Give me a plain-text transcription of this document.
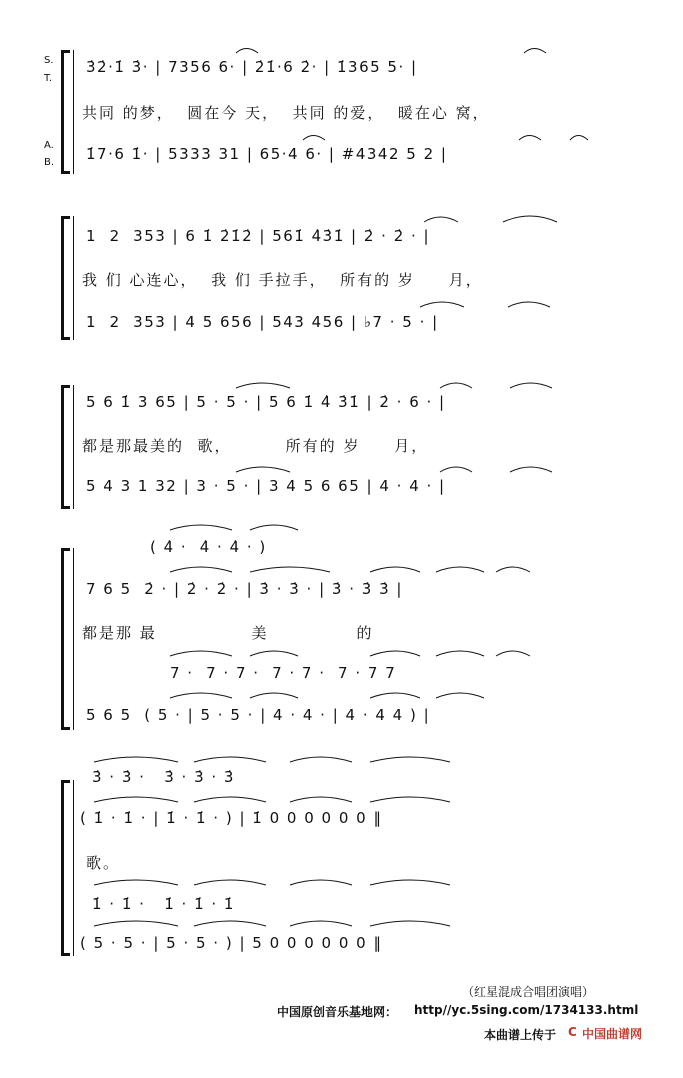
S.
T.
A.
B.
3̇2̇·1̇ 3̇· | 7356 6· | 2̇1̇·6 2̇· | 1̇365 5· |
共同 的梦，  圆在今 天，  共同 的爱，  暖在心 窝，
1̇7·6 1̇· | 5333 31 | 65·4 6· | #4342 5 2 |
1  2  353 | 6 1̇ 2̇1̇2̇ | 561̇ 4̇3̇1̇ | 2̇ · 2̇ · |
我 们 心连心，  我 们 手拉手，  所有的 岁     月，
1  2  353 | 4 5 656 | 543 456 | ♭7 · 5 · |
5 6 1̇ 3 65 | 5 · 5 · | 5 6 1̇ 4̇ 3̇1̇ | 2̇ · 6 · |
都是那最美的  歌，        所有的 岁     月，
5 4 3 1 32 | 3 · 5 · | 3 4 5 6 65 | 4 · 4 · |
( 4̇ ·  4̇ · 4̇ · )
7 6 5  2̇ · | 2̇ · 2̇ · | 3̇ · 3̇ · | 3̇ · 3̇ 3̇ |
都是那 最              美             的
7 ·  7 · 7 ·  7 · 7 ·  7 · 7 7
5 6 5  ( 5 · | 5 · 5 · | 4 · 4 · | 4 · 4 4 ) |
3̇ · 3̇ ·   3̇ · 3̇ · 3̇
( 1̇ · 1̇ · | 1̇ · 1̇ · ) | 1̇ 0 0 0 0 0 0 ‖
歌。
1̇ · 1̇ ·   1̇ · 1̇ · 1̇
( 5 · 5 · | 5 · 5 · ) | 5 0 0 0 0 0 0 ‖
（红星混成合唱团演唱）
中国原创音乐基地网： http//yc.5sing.com/1734133.html
本曲谱上传于

C

中国曲谱网
